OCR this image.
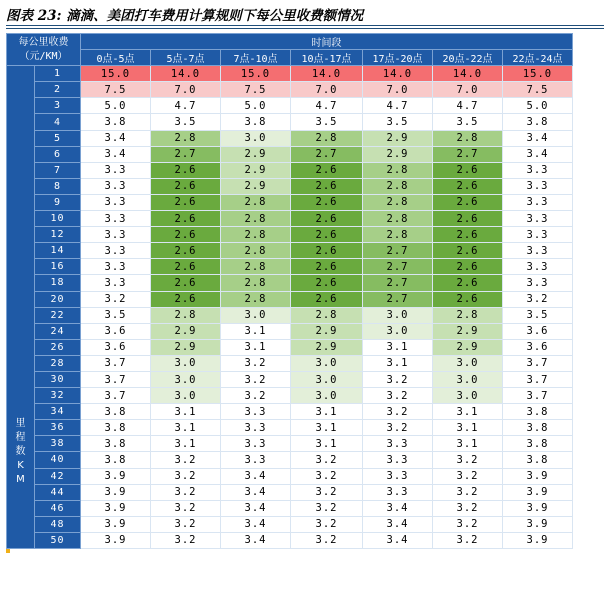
图表 23: 滴滴、美团打车费用计算规则下每公里收费额情况
每公里收费（元/KM）		时间段						
		0点-5点	5点-7点	7点-10点	10点-17点	17点-20点	20点-22点	22点-24点

里程数KM	1	15.0	14.0	15.0	14.0	14.0	14.0	15.0
	2	7.5	7.0	7.5	7.0	7.0	7.0	7.5
	3	5.0	4.7	5.0	4.7	4.7	4.7	5.0
	4	3.8	3.5	3.8	3.5	3.5	3.5	3.8
	5	3.4	2.8	3.0	2.8	2.9	2.8	3.4
	6	3.4	2.7	2.9	2.7	2.9	2.7	3.4
	7	3.3	2.6	2.9	2.6	2.8	2.6	3.3
	8	3.3	2.6	2.9	2.6	2.8	2.6	3.3
	9	3.3	2.6	2.8	2.6	2.8	2.6	3.3
	10	3.3	2.6	2.8	2.6	2.8	2.6	3.3
	12	3.3	2.6	2.8	2.6	2.8	2.6	3.3
	14	3.3	2.6	2.8	2.6	2.7	2.6	3.3
	16	3.3	2.6	2.8	2.6	2.7	2.6	3.3
	18	3.3	2.6	2.8	2.6	2.7	2.6	3.3
	20	3.2	2.6	2.8	2.6	2.7	2.6	3.2
	22	3.5	2.8	3.0	2.8	3.0	2.8	3.5
	24	3.6	2.9	3.1	2.9	3.0	2.9	3.6
	26	3.6	2.9	3.1	2.9	3.1	2.9	3.6
	28	3.7	3.0	3.2	3.0	3.1	3.0	3.7
	30	3.7	3.0	3.2	3.0	3.2	3.0	3.7
	32	3.7	3.0	3.2	3.0	3.2	3.0	3.7
	34	3.8	3.1	3.3	3.1	3.2	3.1	3.8
	36	3.8	3.1	3.3	3.1	3.2	3.1	3.8
	38	3.8	3.1	3.3	3.1	3.3	3.1	3.8
	40	3.8	3.2	3.3	3.2	3.3	3.2	3.8
	42	3.9	3.2	3.4	3.2	3.3	3.2	3.9
	44	3.9	3.2	3.4	3.2	3.3	3.2	3.9
	46	3.9	3.2	3.4	3.2	3.4	3.2	3.9
	48	3.9	3.2	3.4	3.2	3.4	3.2	3.9
	50	3.9	3.2	3.4	3.2	3.4	3.2	3.9
